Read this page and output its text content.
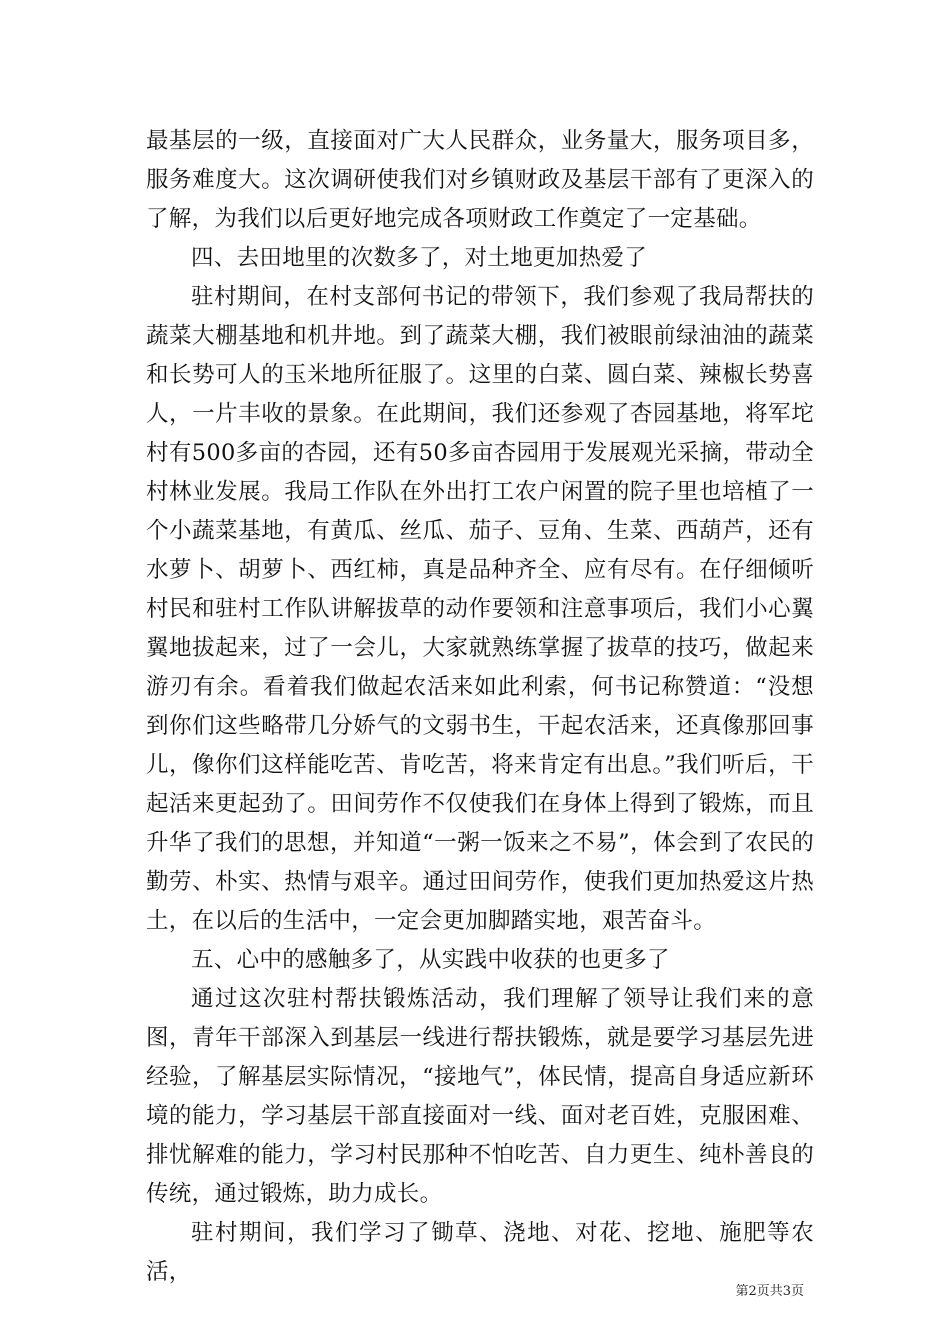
最基层的一级，直接面对广大人民群众，业务量大，服务项目多，服务难度大。这次调研使我们对乡镇财政及基层干部有了更深入的了解，为我们以后更好地完成各项财政工作奠定了一定基础。

四、去田地里的次数多了，对土地更加热爱了

驻村期间，在村支部何书记的带领下，我们参观了我局帮扶的蔬菜大棚基地和机井地。到了蔬菜大棚，我们被眼前绿油油的蔬菜和长势可人的玉米地所征服了。这里的白菜、圆白菜、辣椒长势喜人，一片丰收的景象。在此期间，我们还参观了杏园基地，将军坨村有500多亩的杏园，还有50多亩杏园用于发展观光采摘，带动全村林业发展。我局工作队在外出打工农户闲置的院子里也培植了一个小蔬菜基地，有黄瓜、丝瓜、茄子、豆角、生菜、西葫芦，还有水萝卜、胡萝卜、西红柿，真是品种齐全、应有尽有。在仔细倾听村民和驻村工作队讲解拔草的动作要领和注意事项后，我们小心翼翼地拔起来，过了一会儿，大家就熟练掌握了拔草的技巧，做起来游刃有余。看着我们做起农活来如此利索，何书记称赞道：“没想到你们这些略带几分娇气的文弱书生，干起农活来，还真像那回事儿，像你们这样能吃苦、肯吃苦，将来肯定有出息。”我们听后，干起活来更起劲了。田间劳作不仅使我们在身体上得到了锻炼，而且升华了我们的思想，并知道“一粥一饭来之不易”，体会到了农民的勤劳、朴实、热情与艰辛。通过田间劳作，使我们更加热爱这片热土，在以后的生活中，一定会更加脚踏实地，艰苦奋斗。

五、心中的感触多了，从实践中收获的也更多了

通过这次驻村帮扶锻炼活动，我们理解了领导让我们来的意图，青年干部深入到基层一线进行帮扶锻炼，就是要学习基层先进经验，了解基层实际情况，“接地气”，体民情，提高自身适应新环境的能力，学习基层干部直接面对一线、面对老百姓，克服困难、排忧解难的能力，学习村民那种不怕吃苦、自力更生、纯朴善良的传统，通过锻炼，助力成长。

驻村期间，我们学习了锄草、浇地、对花、挖地、施肥等农活，

第2页共3页
